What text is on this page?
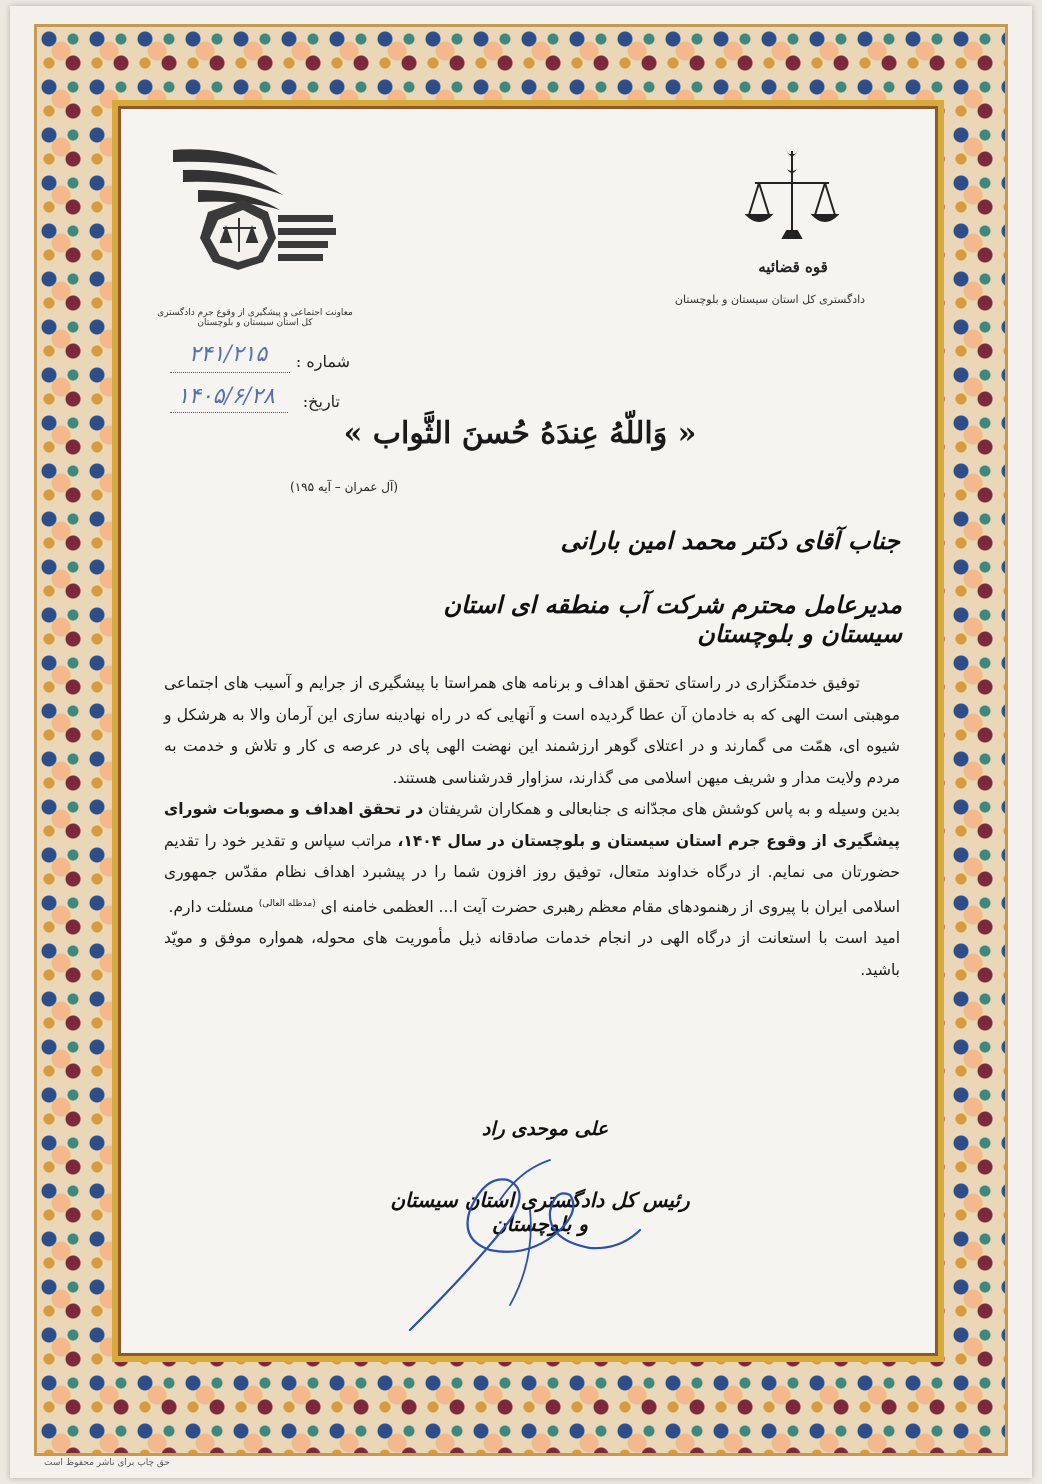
قوه قضائیه
دادگستری کل استان سیستان و بلوچستان
معاونت اجتماعی و پیشگیری از وقوع جرم دادگستری کل استان سیستان و بلوچستان
شماره :
۲۴۱/۲۱۵
تاریخ:
۱۴۰۵/۶/۲۸
« وَاللّهُ عِندَهُ حُسنَ الثَّواب »
(آل عمران – آیه ۱۹۵)
جناب آقای دکتر محمد امین بارانی
مدیرعامل محترم شرکت آب منطقه ای استان سیستان و بلوچستان

توفیق خدمتگزاری در راستای تحقق اهداف و برنامه های همراستا با پیشگیری از جرایم و آسیب های اجتماعی موهبتی است الهی که به خادمان آن عطا گردیده است و آنهایی که در راه نهادینه سازی این آرمان والا به هرشکل و شیوه ای، همّت می گمارند و در اعتلای گوهر ارزشمند این نهضت الهی پای در عرصه ی کار و تلاش و خدمت به مردم ولایت مدار و شریف میهن اسلامی می گذارند، سزاوار قدرشناسی هستند.

بدین وسیله و به پاس کوشش های مجدّانه ی جنابعالی و همکاران شریفتان در تحقق اهداف و مصوبات شورای پیشگیری از وقوع جرم استان سیستان و بلوچستان در سال ۱۴۰۴، مراتب سپاس و تقدیر خود را تقدیم حضورتان می نمایم. از درگاه خداوند متعال، توفیق روز افزون شما را در پیشبرد اهداف نظام مقدّس جمهوری اسلامی ایران با پیروی از رهنمودهای مقام معظم رهبری حضرت آیت ا... العظمی خامنه ای $^{(مدظله العالی)}$ مسئلت دارم.

امید است با استعانت از درگاه الهی در انجام خدمات صادقانه ذیل مأموریت های محوله، همواره موفق و مویّد باشید.

علی موحدی راد
رئیس کل دادگستری استان سیستان و بلوچستان
حق چاپ برای ناشر محفوظ است
